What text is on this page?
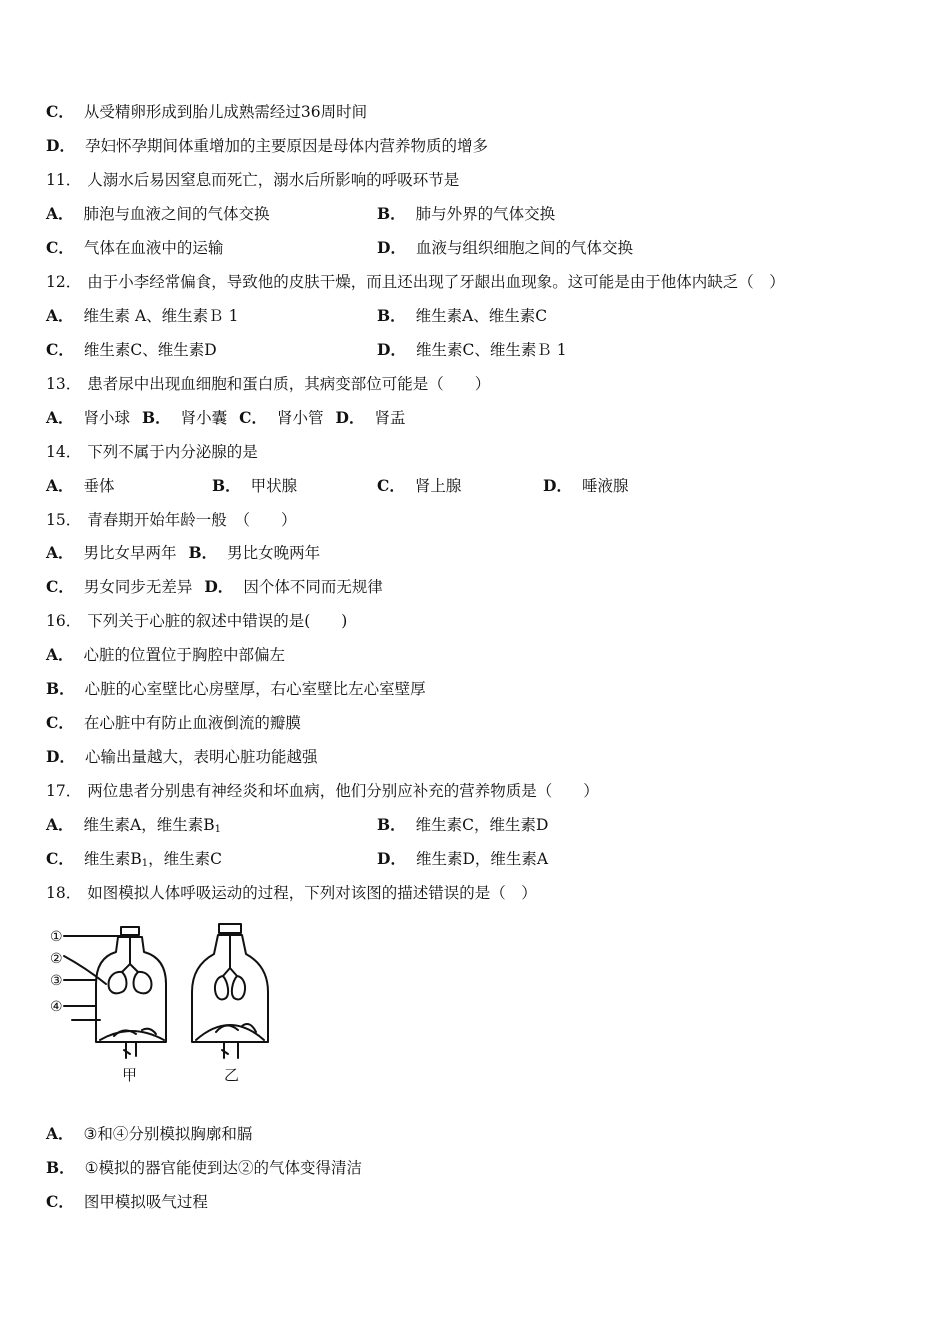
C． 从受精卵形成到胎儿成熟需经过36周时间
D． 孕妇怀孕期间体重增加的主要原因是母体内营养物质的增多
11． 人溺水后易因窒息而死亡，溺水后所影响的呼吸环节是
A． 肺泡与血液之间的气体交换	B． 肺与外界的气体交换
C． 气体在血液中的运输	D． 血液与组织细胞之间的气体交换
12． 由于小李经常偏食，导致他的皮肤干燥，而且还出现了牙龈出血现象。这可能是由于他体内缺乏（　）
A． 维生素 A、维生素Ｂ 1	B． 维生素A、维生素C
C． 维生素C、维生素D	D． 维生素C、维生素Ｂ 1
13． 患者尿中出现血细胞和蛋白质，其病变部位可能是（　　）
A． 肾小球 B． 肾小囊 C． 肾小管 D． 肾盂
14． 下列不属于内分泌腺的是
A． 垂体	B． 甲状腺	C． 肾上腺	D． 唾液腺
15． 青春期开始年龄一般　（　　）
A． 男比女早两年 B． 男比女晚两年
C． 男女同步无差异 D． 因个体不同而无规律
16． 下列关于心脏的叙述中错误的是(　　)
A． 心脏的位置位于胸腔中部偏左
B． 心脏的心室壁比心房壁厚，右心室壁比左心室壁厚
C． 在心脏中有防止血液倒流的瓣膜
D． 心输出量越大，表明心脏功能越强
17． 两位患者分别患有神经炎和坏血病，他们分别应补充的营养物质是（　　）
A． 维生素A，维生素$B_1$	B． 维生素C，维生素D
C． 维生素$B_1$，维生素C	D． 维生素D，维生素A
18． 如图模拟人体呼吸运动的过程，下列对该图的描述错误的是（　）
①
②
③
④
甲	乙
A． ③和④分别模拟胸廓和膈
B． ①模拟的器官能使到达②的气体变得清洁
C． 图甲模拟吸气过程
